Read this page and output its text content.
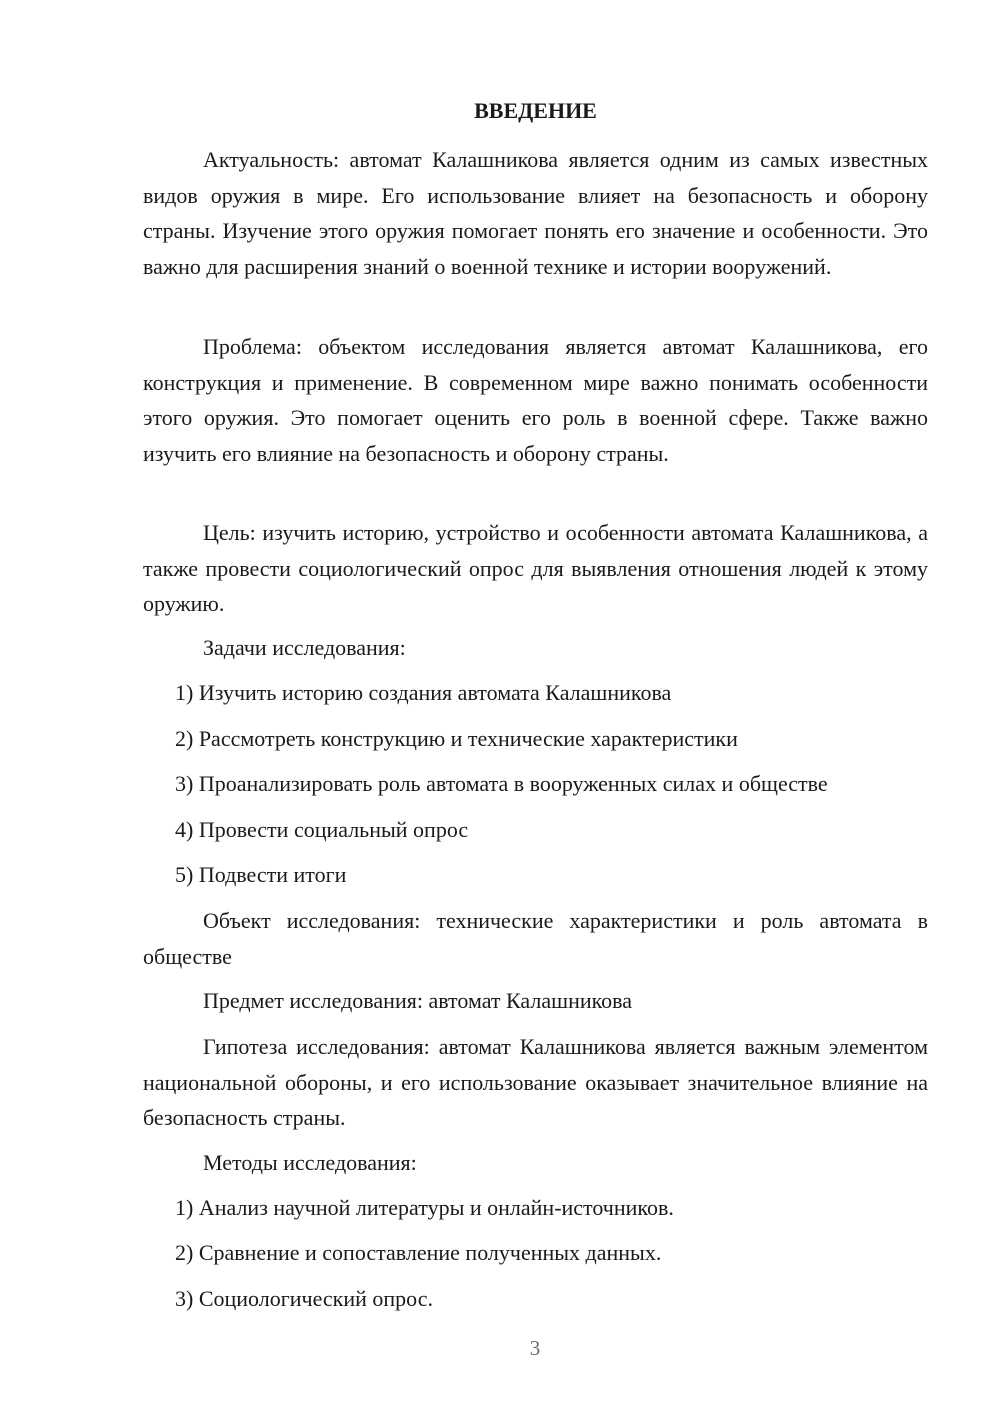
ВВЕДЕНИЕ

Актуальность: автомат Калашникова является одним из самых известных видов оружия в мире. Его использование влияет на безопасность и оборону страны. Изучение этого оружия помогает понять его значение и особенности. Это важно для расширения знаний о военной технике и истории вооружений.

Проблема: объектом исследования является автомат Калашникова, его конструкция и применение. В современном мире важно понимать особенности этого оружия. Это помогает оценить его роль в военной сфере. Также важно изучить его влияние на безопасность и оборону страны.

Цель: изучить историю, устройство и особенности автомата Калашникова, а также провести социологический опрос для выявления отношения людей к этому оружию.

Задачи исследования:

1) Изучить историю создания автомата Калашникова

2) Рассмотреть конструкцию и технические характеристики

3) Проанализировать роль автомата в вооруженных силах и обществе

4) Провести социальный опрос

5) Подвести итоги

Объект исследования: технические характеристики и роль автомата в обществе

Предмет исследования: автомат Калашникова

Гипотеза исследования: автомат Калашникова является важным элементом национальной обороны, и его использование оказывает значительное влияние на безопасность страны.

Методы исследования:

1) Анализ научной литературы и онлайн-источников.

2) Сравнение и сопоставление полученных данных.

3) Социологический опрос.

3
